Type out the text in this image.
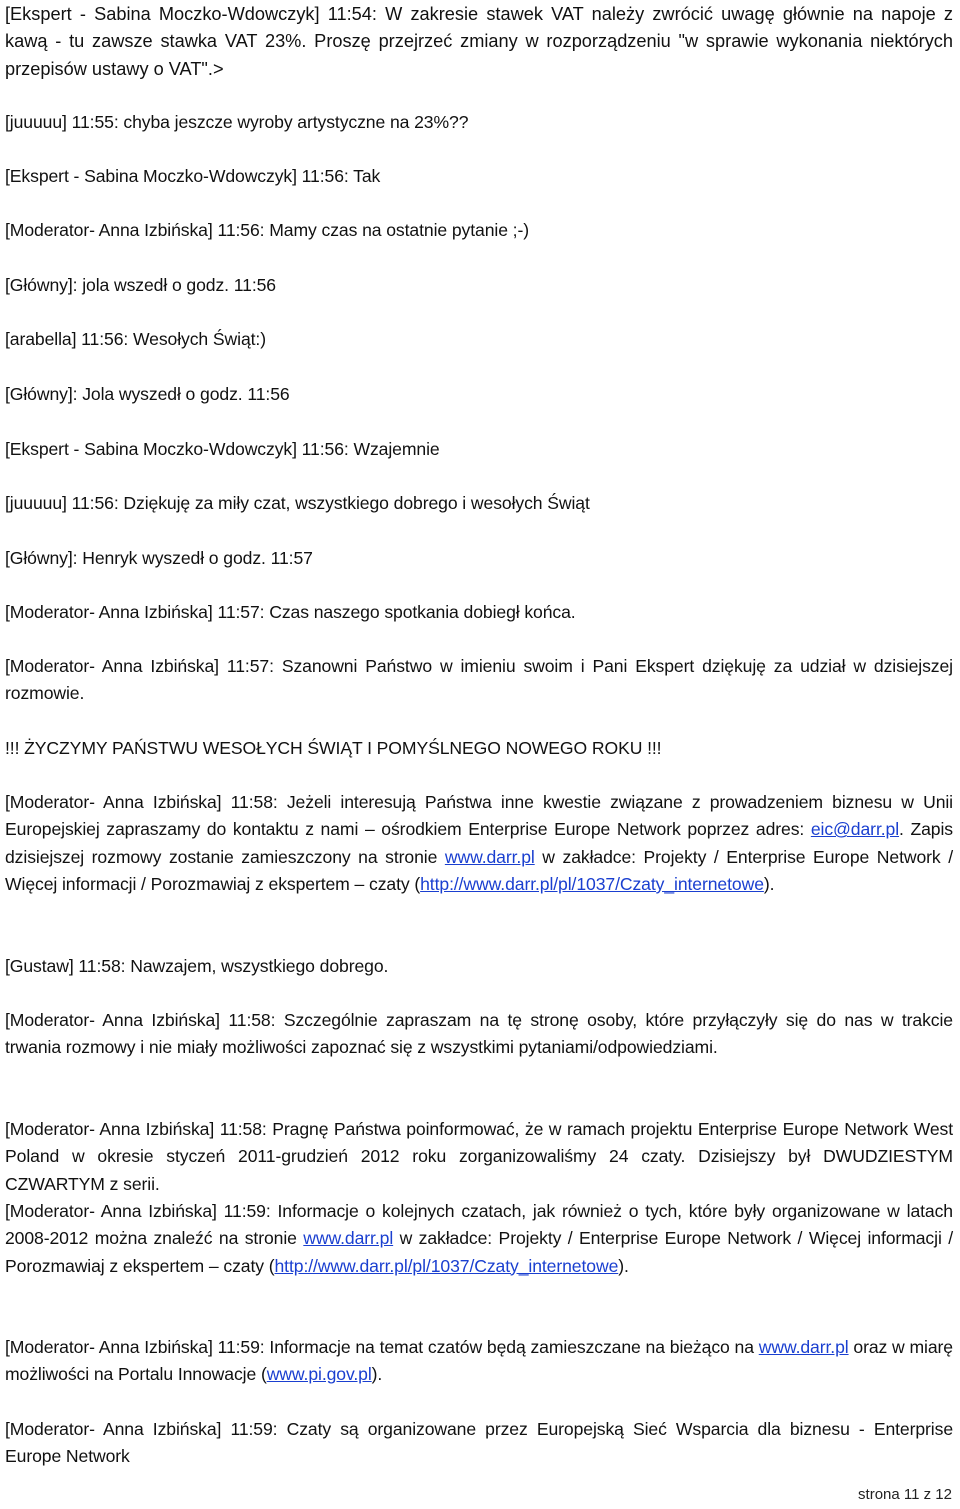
[Ekspert - Sabina Moczko-Wdowczyk] 11:54: W zakresie stawek VAT należy zwrócić uwagę głównie na napoje z kawą - tu zawsze stawka VAT 23%. Proszę przejrzeć zmiany w rozporządzeniu "w sprawie wykonania niektórych przepisów ustawy o VAT".>

[juuuuu] 11:55: chyba jeszcze wyroby artystyczne na 23%??

[Ekspert - Sabina Moczko-Wdowczyk] 11:56: Tak

[Moderator- Anna Izbińska] 11:56: Mamy czas na ostatnie pytanie ;-)

[Główny]: jola wszedł o godz. 11:56

[arabella] 11:56: Wesołych Świąt:)

[Główny]: Jola wyszedł o godz. 11:56

[Ekspert - Sabina Moczko-Wdowczyk] 11:56: Wzajemnie

[juuuuu] 11:56: Dziękuję za miły czat, wszystkiego dobrego i wesołych Świąt

[Główny]: Henryk wyszedł o godz. 11:57

[Moderator- Anna Izbińska] 11:57: Czas naszego spotkania dobiegł końca.

[Moderator- Anna Izbińska] 11:57: Szanowni Państwo w imieniu swoim i Pani Ekspert dziękuję za udział w dzisiejszej rozmowie.

!!! ŻYCZYMY PAŃSTWU WESOŁYCH ŚWIĄT I POMYŚLNEGO NOWEGO ROKU !!!

[Moderator- Anna Izbińska] 11:58: Jeżeli interesują Państwa inne kwestie związane z prowadzeniem biznesu w Unii Europejskiej zapraszamy do kontaktu z nami – ośrodkiem Enterprise Europe Network poprzez adres: eic@darr.pl. Zapis dzisiejszej rozmowy zostanie zamieszczony na stronie www.darr.pl w zakładce: Projekty / Enterprise Europe Network / Więcej informacji / Porozmawiaj z ekspertem – czaty (http://www.darr.pl/pl/1037/Czaty_internetowe).

[Gustaw] 11:58: Nawzajem, wszystkiego dobrego.

[Moderator- Anna Izbińska] 11:58: Szczególnie zapraszam na tę stronę osoby, które przyłączyły się do nas w trakcie trwania rozmowy i nie miały możliwości zapoznać się z wszystkimi pytaniami/odpowiedziami.

[Moderator- Anna Izbińska] 11:58: Pragnę Państwa poinformować, że w ramach projektu Enterprise Europe Network West Poland w okresie styczeń 2011-grudzień 2012 roku zorganizowaliśmy 24 czaty. Dzisiejszy był DWUDZIESTYM CZWARTYM z serii.

[Moderator- Anna Izbińska] 11:59: Informacje o kolejnych czatach, jak również o tych, które były organizowane w latach 2008-2012 można znaleźć na stronie www.darr.pl w zakładce: Projekty / Enterprise Europe Network / Więcej informacji / Porozmawiaj z ekspertem – czaty (http://www.darr.pl/pl/1037/Czaty_internetowe).

[Moderator- Anna Izbińska] 11:59: Informacje na temat czatów będą zamieszczane na bieżąco na www.darr.pl oraz w miarę możliwości na Portalu Innowacje (www.pi.gov.pl).

[Moderator- Anna Izbińska] 11:59: Czaty są organizowane przez Europejską Sieć Wsparcia dla biznesu - Enterprise Europe Network

strona 11 z 12
